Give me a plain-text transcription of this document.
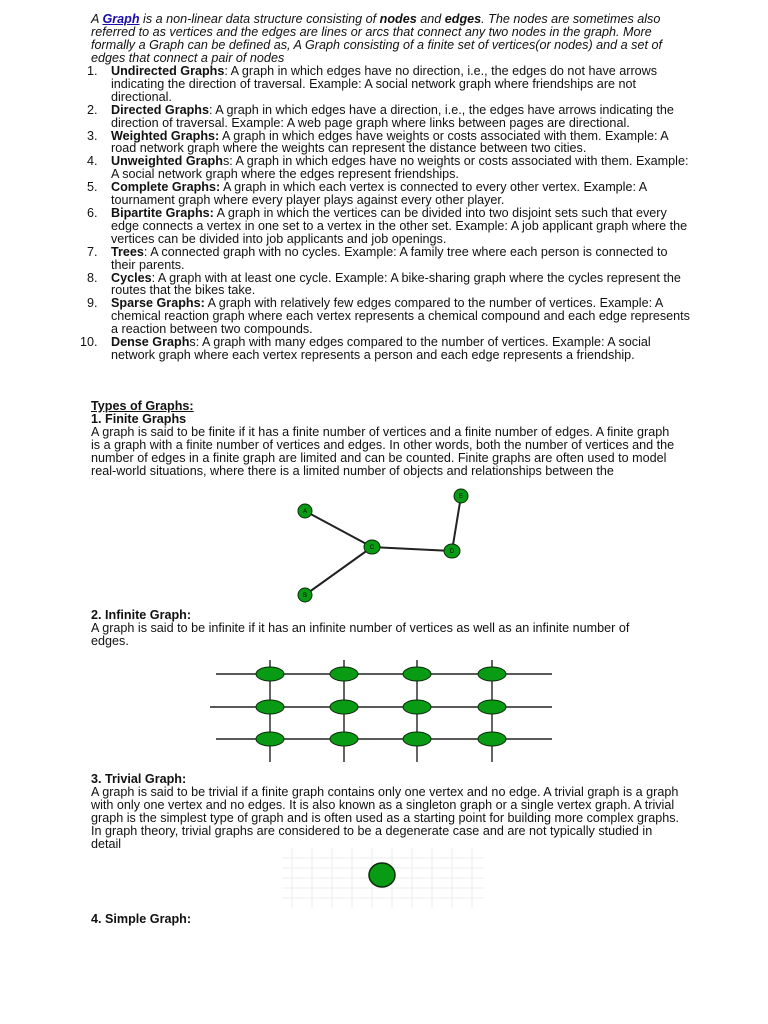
A Graph is a non-linear data structure consisting of nodes and edges. The nodes are sometimes also referred to as vertices and the edges are lines or arcs that connect any two nodes in the graph. More formally a Graph can be defined as, A Graph consisting of a finite set of vertices(or nodes) and a set of edges that connect a pair of nodes

1. Undirected Graphs: A graph in which edges have no direction, i.e., the edges do not have arrows indicating the direction of traversal. Example: A social network graph where friendships are not directional.
2. Directed Graphs: A graph in which edges have a direction, i.e., the edges have arrows indicating the direction of traversal. Example: A web page graph where links between pages are directional.
3. Weighted Graphs: A graph in which edges have weights or costs associated with them. Example: A road network graph where the weights can represent the distance between two cities.
4. Unweighted Graphs: A graph in which edges have no weights or costs associated with them. Example: A social network graph where the edges represent friendships.
5. Complete Graphs: A graph in which each vertex is connected to every other vertex. Example: A tournament graph where every player plays against every other player.
6. Bipartite Graphs: A graph in which the vertices can be divided into two disjoint sets such that every edge connects a vertex in one set to a vertex in the other set. Example: A job applicant graph where the vertices can be divided into job applicants and job openings.
7. Trees: A connected graph with no cycles. Example: A family tree where each person is connected to their parents.
8. Cycles: A graph with at least one cycle. Example: A bike-sharing graph where the cycles represent the routes that the bikes take.
9. Sparse Graphs: A graph with relatively few edges compared to the number of vertices. Example: A chemical reaction graph where each vertex represents a chemical compound and each edge represents a reaction between two compounds.
10. Dense Graphs: A graph with many edges compared to the number of vertices. Example: A social network graph where each vertex represents a person and each edge represents a friendship.
Types of Graphs:
1. Finite Graphs

A graph is said to be finite if it has a finite number of vertices and a finite number of edges. A finite graph is a graph with a finite number of vertices and edges. In other words, both the number of vertices and the number of edges in a finite graph are limited and can be counted. Finite graphs are often used to model real-world situations, where there is a limited number of objects and relationships between the

A
B
C
D
E
2. Infinite Graph:

A graph is said to be infinite if it has an infinite number of vertices as well as an infinite number of edges.

3. Trivial Graph:

A graph is said to be trivial if a finite graph contains only one vertex and no edge. A trivial graph is a graph with only one vertex and no edges. It is also known as a singleton graph or a single vertex graph. A trivial graph is the simplest type of graph and is often used as a starting point for building more complex graphs. In graph theory, trivial graphs are considered to be a degenerate case and are not typically studied in detail

4. Simple Graph:
